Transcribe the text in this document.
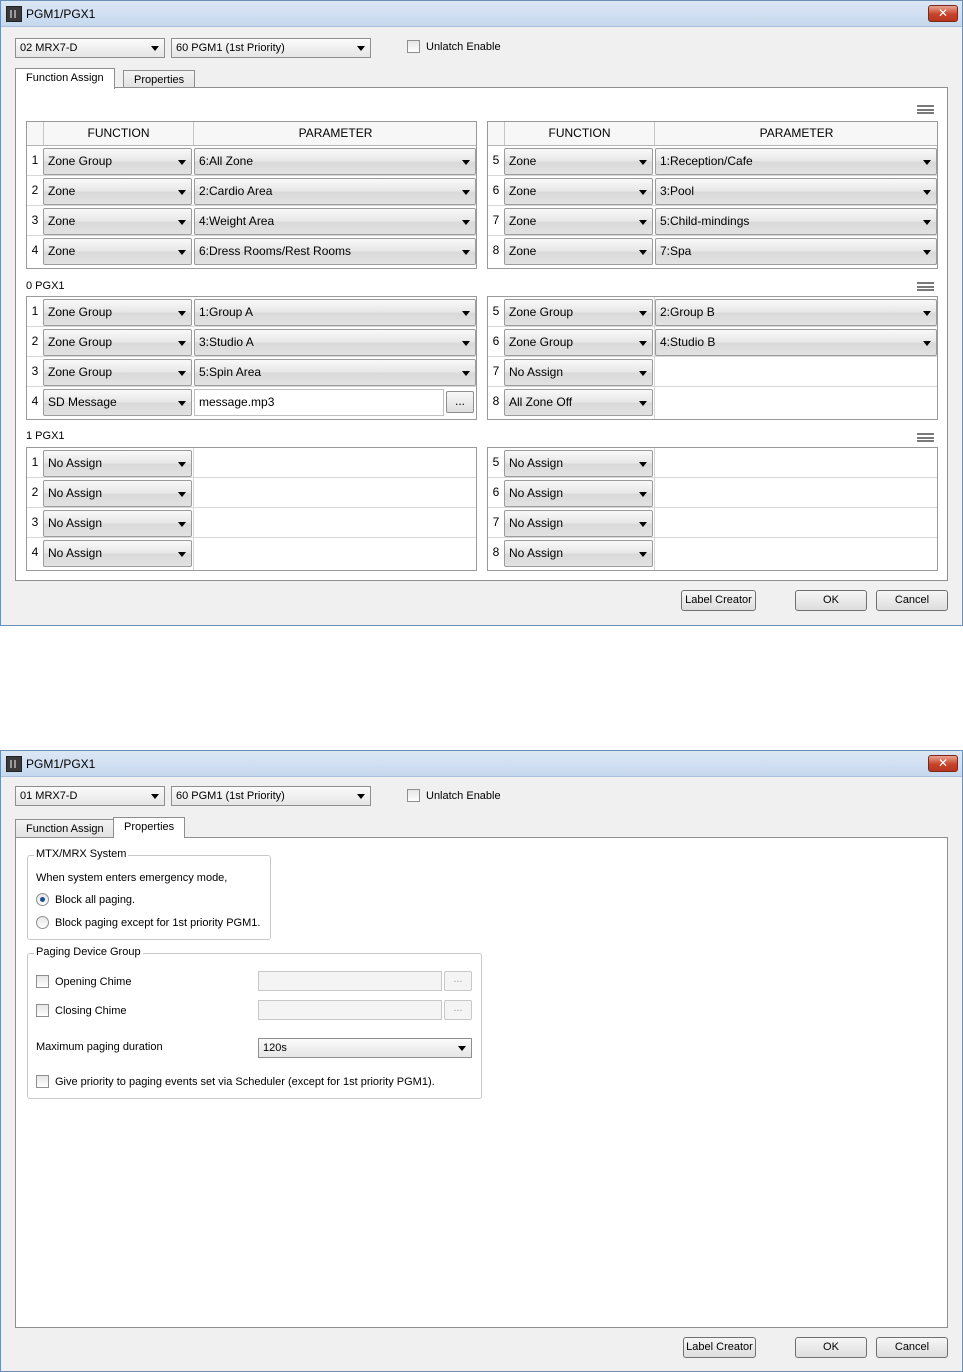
PGM1/PGX1	✕
02 MRX7-D	60 PGM1 (1st Priority)	Unlatch Enable
Function Assign	Properties
FUNCTION	PARAMETER
1 Zone Group	6:All Zone
2 Zone	2:Cardio Area
3 Zone	4:Weight Area
4 Zone	6:Dress Rooms/Rest Rooms
FUNCTION	PARAMETER
5 Zone	1:Reception/Cafe
6 Zone	3:Pool
7 Zone	5:Child-mindings
8 Zone	7:Spa
0 PGX1
1 Zone Group	1:Group A
2 Zone Group	3:Studio A
3 Zone Group	5:Spin Area
4 SD Message	message.mp3	...
5 Zone Group	2:Group B
6 Zone Group	4:Studio B
7 No Assign
8 All Zone Off
1 PGX1
1 No Assign
2 No Assign
3 No Assign
4 No Assign
5 No Assign
6 No Assign
7 No Assign
8 No Assign
Label Creator	OK	Cancel
PGM1/PGX1	✕
01 MRX7-D	60 PGM1 (1st Priority)	Unlatch Enable
Function Assign	Properties
MTX/MRX System
When system enters emergency mode,
Block all paging.
Block paging except for 1st priority PGM1.
Paging Device Group
Opening Chime	...
Closing Chime	...
Maximum paging duration	120s
Give priority to paging events set via Scheduler (except for 1st priority PGM1).
Label Creator	OK	Cancel
